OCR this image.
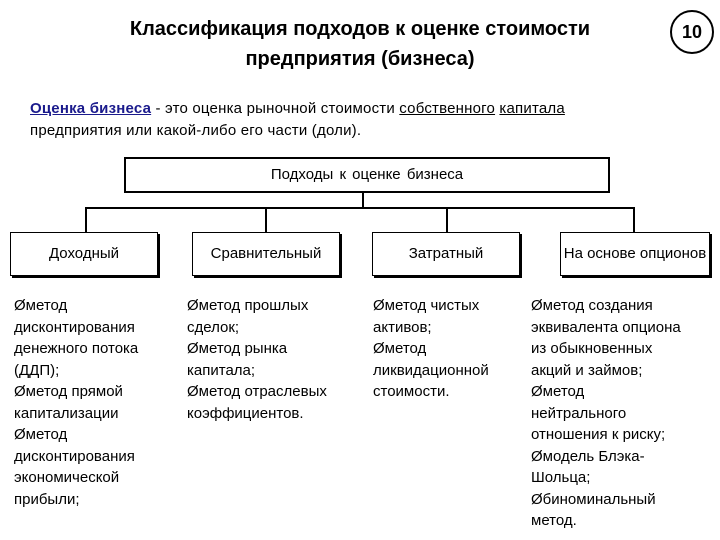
Классификация подходов к оценке стоимости
предприятия (бизнеса)
10
Оценка бизнеса - это оценка рыночной стоимости собственного капитала
предприятия или какой-либо его части (доли).
Подходы к оценке бизнеса
Доходный	Сравнительный	Затратный	На основе опционов
Øметод
дисконтирования
денежного потока
(ДДП);
Øметод прямой
капитализации
Øметод
дисконтирования
экономической
прибыли;
Øметод прошлых
сделок;
Øметод рынка
капитала;
Øметод отраслевых
коэффициентов.
Øметод чистых
активов;
Øметод
ликвидационной
стоимости.
Øметод создания
эквивалента опциона
из обыкновенных
акций и займов;
Øметод
нейтрального
отношения к риску;
Øмодель Блэка-
Шольца;
Øбиноминальный
метод.
